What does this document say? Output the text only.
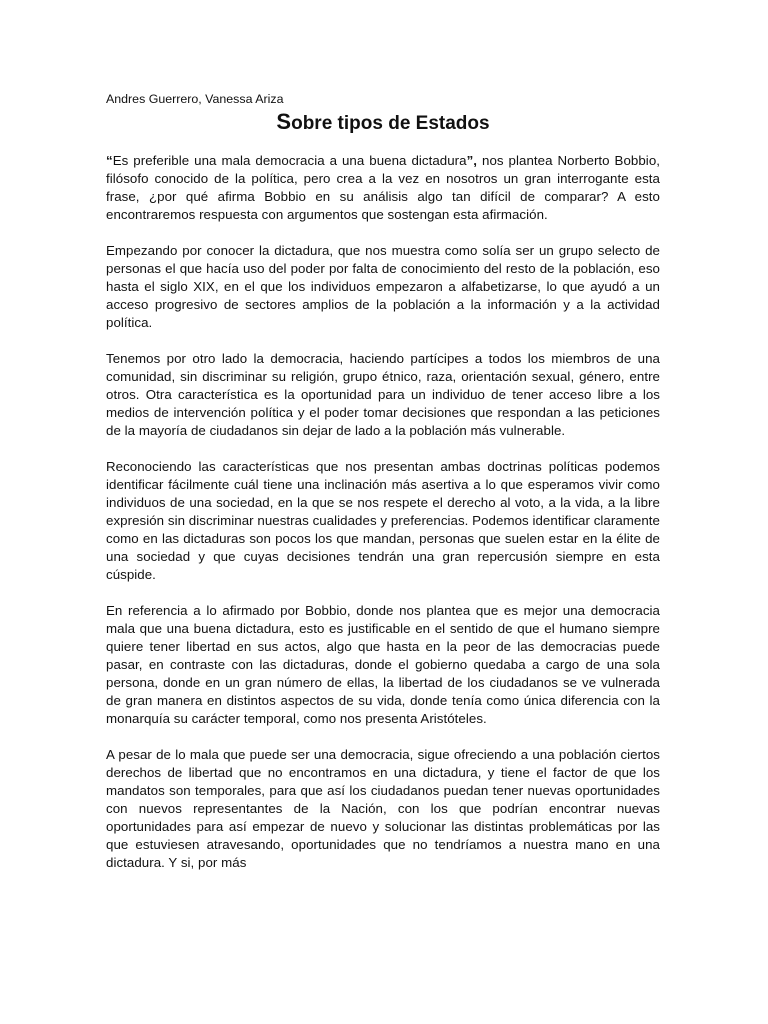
Andres Guerrero, Vanessa Ariza

Sobre tipos de Estados

“Es preferible una mala democracia a una buena dictadura”, nos plantea Norberto Bobbio, filósofo conocido de la política, pero crea a la vez en nosotros un gran interrogante esta frase, ¿por qué afirma Bobbio en su análisis algo tan difícil de comparar? A esto encontraremos respuesta con argumentos que sostengan esta afirmación.

Empezando por conocer la dictadura, que nos muestra como solía ser un grupo selecto de personas el que hacía uso del poder por falta de conocimiento del resto de la población, eso hasta el siglo XIX, en el que los individuos empezaron a alfabetizarse, lo que ayudó a un acceso progresivo de sectores amplios de la población a la información y a la actividad política.

Tenemos por otro lado la democracia, haciendo partícipes a todos los miembros de una comunidad, sin discriminar su religión, grupo étnico, raza, orientación sexual, género, entre otros. Otra característica es la oportunidad para un individuo de tener acceso libre a los medios de intervención política y el poder tomar decisiones que respondan a las peticiones de la mayoría de ciudadanos sin dejar de lado a la población más vulnerable.

Reconociendo las características que nos presentan ambas doctrinas políticas podemos identificar fácilmente cuál tiene una inclinación más asertiva a lo que esperamos vivir como individuos de una sociedad, en la que se nos respete el derecho al voto, a la vida, a la libre expresión sin discriminar nuestras cualidades y preferencias. Podemos identificar claramente como en las dictaduras son pocos los que mandan, personas que suelen estar en la élite de una sociedad y que cuyas decisiones tendrán una gran repercusión siempre en esta cúspide.

En referencia a lo afirmado por Bobbio, donde nos plantea que es mejor una democracia mala que una buena dictadura, esto es justificable en el sentido de que el humano siempre quiere tener libertad en sus actos, algo que hasta en la peor de las democracias puede pasar, en contraste con las dictaduras, donde el gobierno quedaba a cargo de una sola persona, donde en un gran número de ellas, la libertad de los ciudadanos se ve vulnerada de gran manera en distintos aspectos de su vida, donde tenía como única diferencia con la monarquía su carácter temporal, como nos presenta Aristóteles.

A pesar de lo mala que puede ser una democracia, sigue ofreciendo a una población ciertos derechos de libertad que no encontramos en una dictadura, y tiene el factor de que los mandatos son temporales, para que así los ciudadanos puedan tener nuevas oportunidades con nuevos representantes de la Nación, con los que podrían encontrar nuevas oportunidades para así empezar de nuevo y solucionar las distintas problemáticas por las que estuviesen atravesando, oportunidades que no tendríamos a nuestra mano en una dictadura. Y si, por más
